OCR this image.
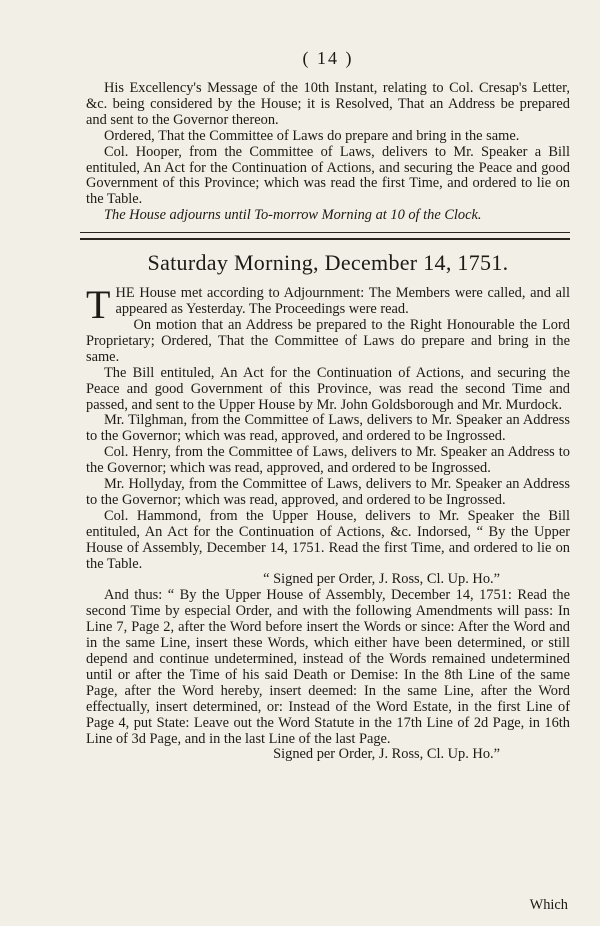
( 14 )

His Excellency's Message of the 10th Instant, relating to Col. Cresap's Letter, &c. being considered by the House; it is Resolved, That an Address be prepared and sent to the Governor thereon.

Ordered, That the Committee of Laws do prepare and bring in the same.

Col. Hooper, from the Committee of Laws, delivers to Mr. Speaker a Bill entituled, An Act for the Continuation of Actions, and securing the Peace and good Government of this Province; which was read the first Time, and ordered to lie on the Table.

The House adjourns until To-morrow Morning at 10 of the Clock.

Saturday Morning, December 14, 1751.

THE House met according to Adjournment: The Members were called, and all appeared as Yesterday. The Proceedings were read.

On motion that an Address be prepared to the Right Honourable the Lord Proprietary; Ordered, That the Committee of Laws do prepare and bring in the same.

The Bill entituled, An Act for the Continuation of Actions, and securing the Peace and good Government of this Province, was read the second Time and passed, and sent to the Upper House by Mr. John Goldsborough and Mr. Murdock.

Mr. Tilghman, from the Committee of Laws, delivers to Mr. Speaker an Address to the Governor; which was read, approved, and ordered to be Ingrossed.

Col. Henry, from the Committee of Laws, delivers to Mr. Speaker an Address to the Governor; which was read, approved, and ordered to be Ingrossed.

Mr. Hollyday, from the Committee of Laws, delivers to Mr. Speaker an Address to the Governor; which was read, approved, and ordered to be Ingrossed.

Col. Hammond, from the Upper House, delivers to Mr. Speaker the Bill entituled, An Act for the Continuation of Actions, &c. Indorsed, “ By the Upper House of Assembly, December 14, 1751. Read the first Time, and ordered to lie on the Table.

“ Signed per Order, J. Ross, Cl. Up. Ho.”

And thus: “ By the Upper House of Assembly, December 14, 1751: Read the second Time by especial Order, and with the following Amendments will pass: In Line 7, Page 2, after the Word before insert the Words or since: After the Word and in the same Line, insert these Words, which either have been determined, or still depend and continue undetermined, instead of the Words remained undetermined until or after the Time of his said Death or Demise: In the 8th Line of the same Page, after the Word hereby, insert deemed: In the same Line, after the Word effectually, insert determined, or: Instead of the Word Estate, in the first Line of Page 4, put State: Leave out the Word Statute in the 17th Line of 2d Page, in 16th Line of 3d Page, and in the last Line of the last Page.

Signed per Order, J. Ross, Cl. Up. Ho.”

Which
